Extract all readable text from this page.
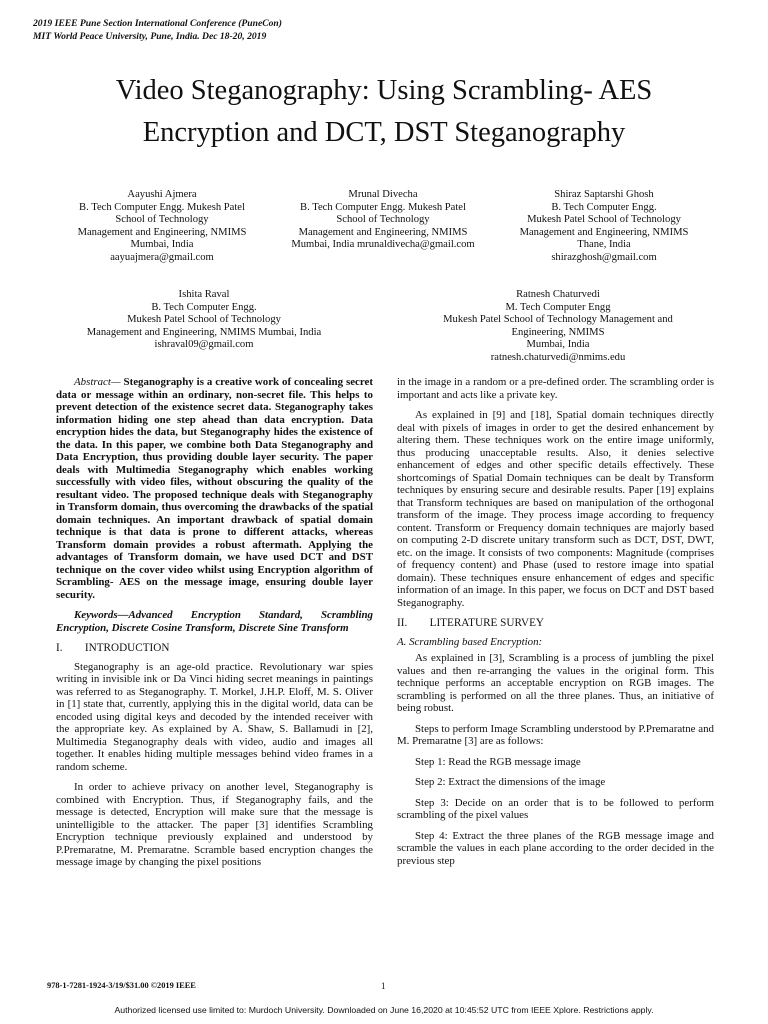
2019 IEEE Pune Section International Conference (PuneCon)
MIT World Peace University, Pune, India. Dec 18-20, 2019
Video Steganography: Using Scrambling- AES
Encryption and DCT, DST Steganography
Aayushi Ajmera
B. Tech Computer Engg. Mukesh Patel
School of Technology
Management and Engineering, NMIMS
Mumbai, India
aayuajmera@gmail.com
Mrunal Divecha
B. Tech Computer Engg. Mukesh Patel
School of Technology
Management and Engineering, NMIMS
Mumbai, India mrunaldivecha@gmail.com
Shiraz Saptarshi Ghosh
B. Tech Computer Engg.
Mukesh Patel School of Technology
Management and Engineering, NMIMS
Thane, India
shirazghosh@gmail.com
Ishita Raval
B. Tech Computer Engg.
Mukesh Patel School of Technology
Management and Engineering, NMIMS Mumbai, India
ishraval09@gmail.com
Ratnesh Chaturvedi
M. Tech Computer Engg
Mukesh Patel School of Technology Management and
Engineering, NMIMS
Mumbai, India
ratnesh.chaturvedi@nmims.edu

Abstract— Steganography is a creative work of concealing secret data or message within an ordinary, non-secret file. This helps to prevent detection of the existence secret data. Steganography takes information hiding one step ahead than data encryption. Data encryption hides the data, but Steganography hides the existence of the data. In this paper, we combine both Data Steganography and Data Encryption, thus providing double layer security. The paper deals with Multimedia Steganography which enables working successfully with video files, without obscuring the quality of the resultant video. The proposed technique deals with Steganography in Transform domain, thus overcoming the drawbacks of the spatial domain techniques. An important drawback of spatial domain technique is that data is prone to different attacks, whereas Transform domain provides a robust aftermath. Applying the advantages of Transform domain, we have used DCT and DST technique on the cover video whilst using Encryption algorithm of Scrambling- AES on the message image, ensuring double layer security.

Keywords—Advanced Encryption Standard, Scrambling Encryption, Discrete Cosine Transform, Discrete Sine Transform

I.  INTRODUCTION

Steganography is an age-old practice. Revolutionary war spies writing in invisible ink or Da Vinci hiding secret meanings in paintings was referred to as Steganography. T. Morkel, J.H.P. Eloff, M. S. Oliver in [1] state that, currently, applying this in the digital world, data can be encoded using digital keys and decoded by the intended receiver with the appropriate key. As explained by A. Shaw, S. Ballamudi in [2], Multimedia Steganography deals with video, audio and images all together. It enables hiding multiple messages behind video frames in a random scheme.

In order to achieve privacy on another level, Steganography is combined with Encryption. Thus, if Steganography fails, and the message is detected, Encryption will make sure that the message is unintelligible to the attacker. The paper [3] identifies Scrambling Encryption technique previously explained and understood by P.Premaratne, M. Premaratne. Scramble based encryption changes the message image by changing the pixel positions

in the image in a random or a pre-defined order. The scrambling order is important and acts like a private key.

As explained in [9] and [18], Spatial domain techniques directly deal with pixels of images in order to get the desired enhancement by altering them. These techniques work on the entire image uniformly, thus producing unacceptable results. Also, it denies selective enhancement of edges and other specific details effectively. These shortcomings of Spatial Domain techniques can be dealt by Transform techniques by ensuring secure and desirable results. Paper [19] explains that Transform techniques are based on manipulation of the orthogonal transform of the image. They process image according to frequency content. Transform or Frequency domain techniques are majorly based on computing 2-D discrete unitary transform such as DCT, DST, DWT, etc. on the image. It consists of two components: Magnitude (comprises of frequency content) and Phase (used to restore image into spatial domain). These techniques ensure enhancement of edges and specific information of an image. In this paper, we focus on DCT and DST based Steganography.

II.  LITERATURE SURVEY

A. Scrambling based Encryption:

As explained in [3], Scrambling is a process of jumbling the pixel values and then re-arranging the values in the original form. This technique performs an acceptable encryption on RGB images. The scrambling is performed on all the three planes. Thus, an initiative of being robust.

Steps to perform Image Scrambling understood by P.Premaratne and M. Premaratne [3] are as follows:

Step 1: Read the RGB message image

Step 2: Extract the dimensions of the image

Step 3: Decide on an order that is to be followed to perform scrambling of the pixel values

Step 4: Extract the three planes of the RGB message image and scramble the values in each plane according to the order decided in the previous step

978-1-7281-1924-3/19/$31.00 ©2019 IEEE	1
Authorized licensed use limited to: Murdoch University. Downloaded on June 16,2020 at 10:45:52 UTC from IEEE Xplore. Restrictions apply.
